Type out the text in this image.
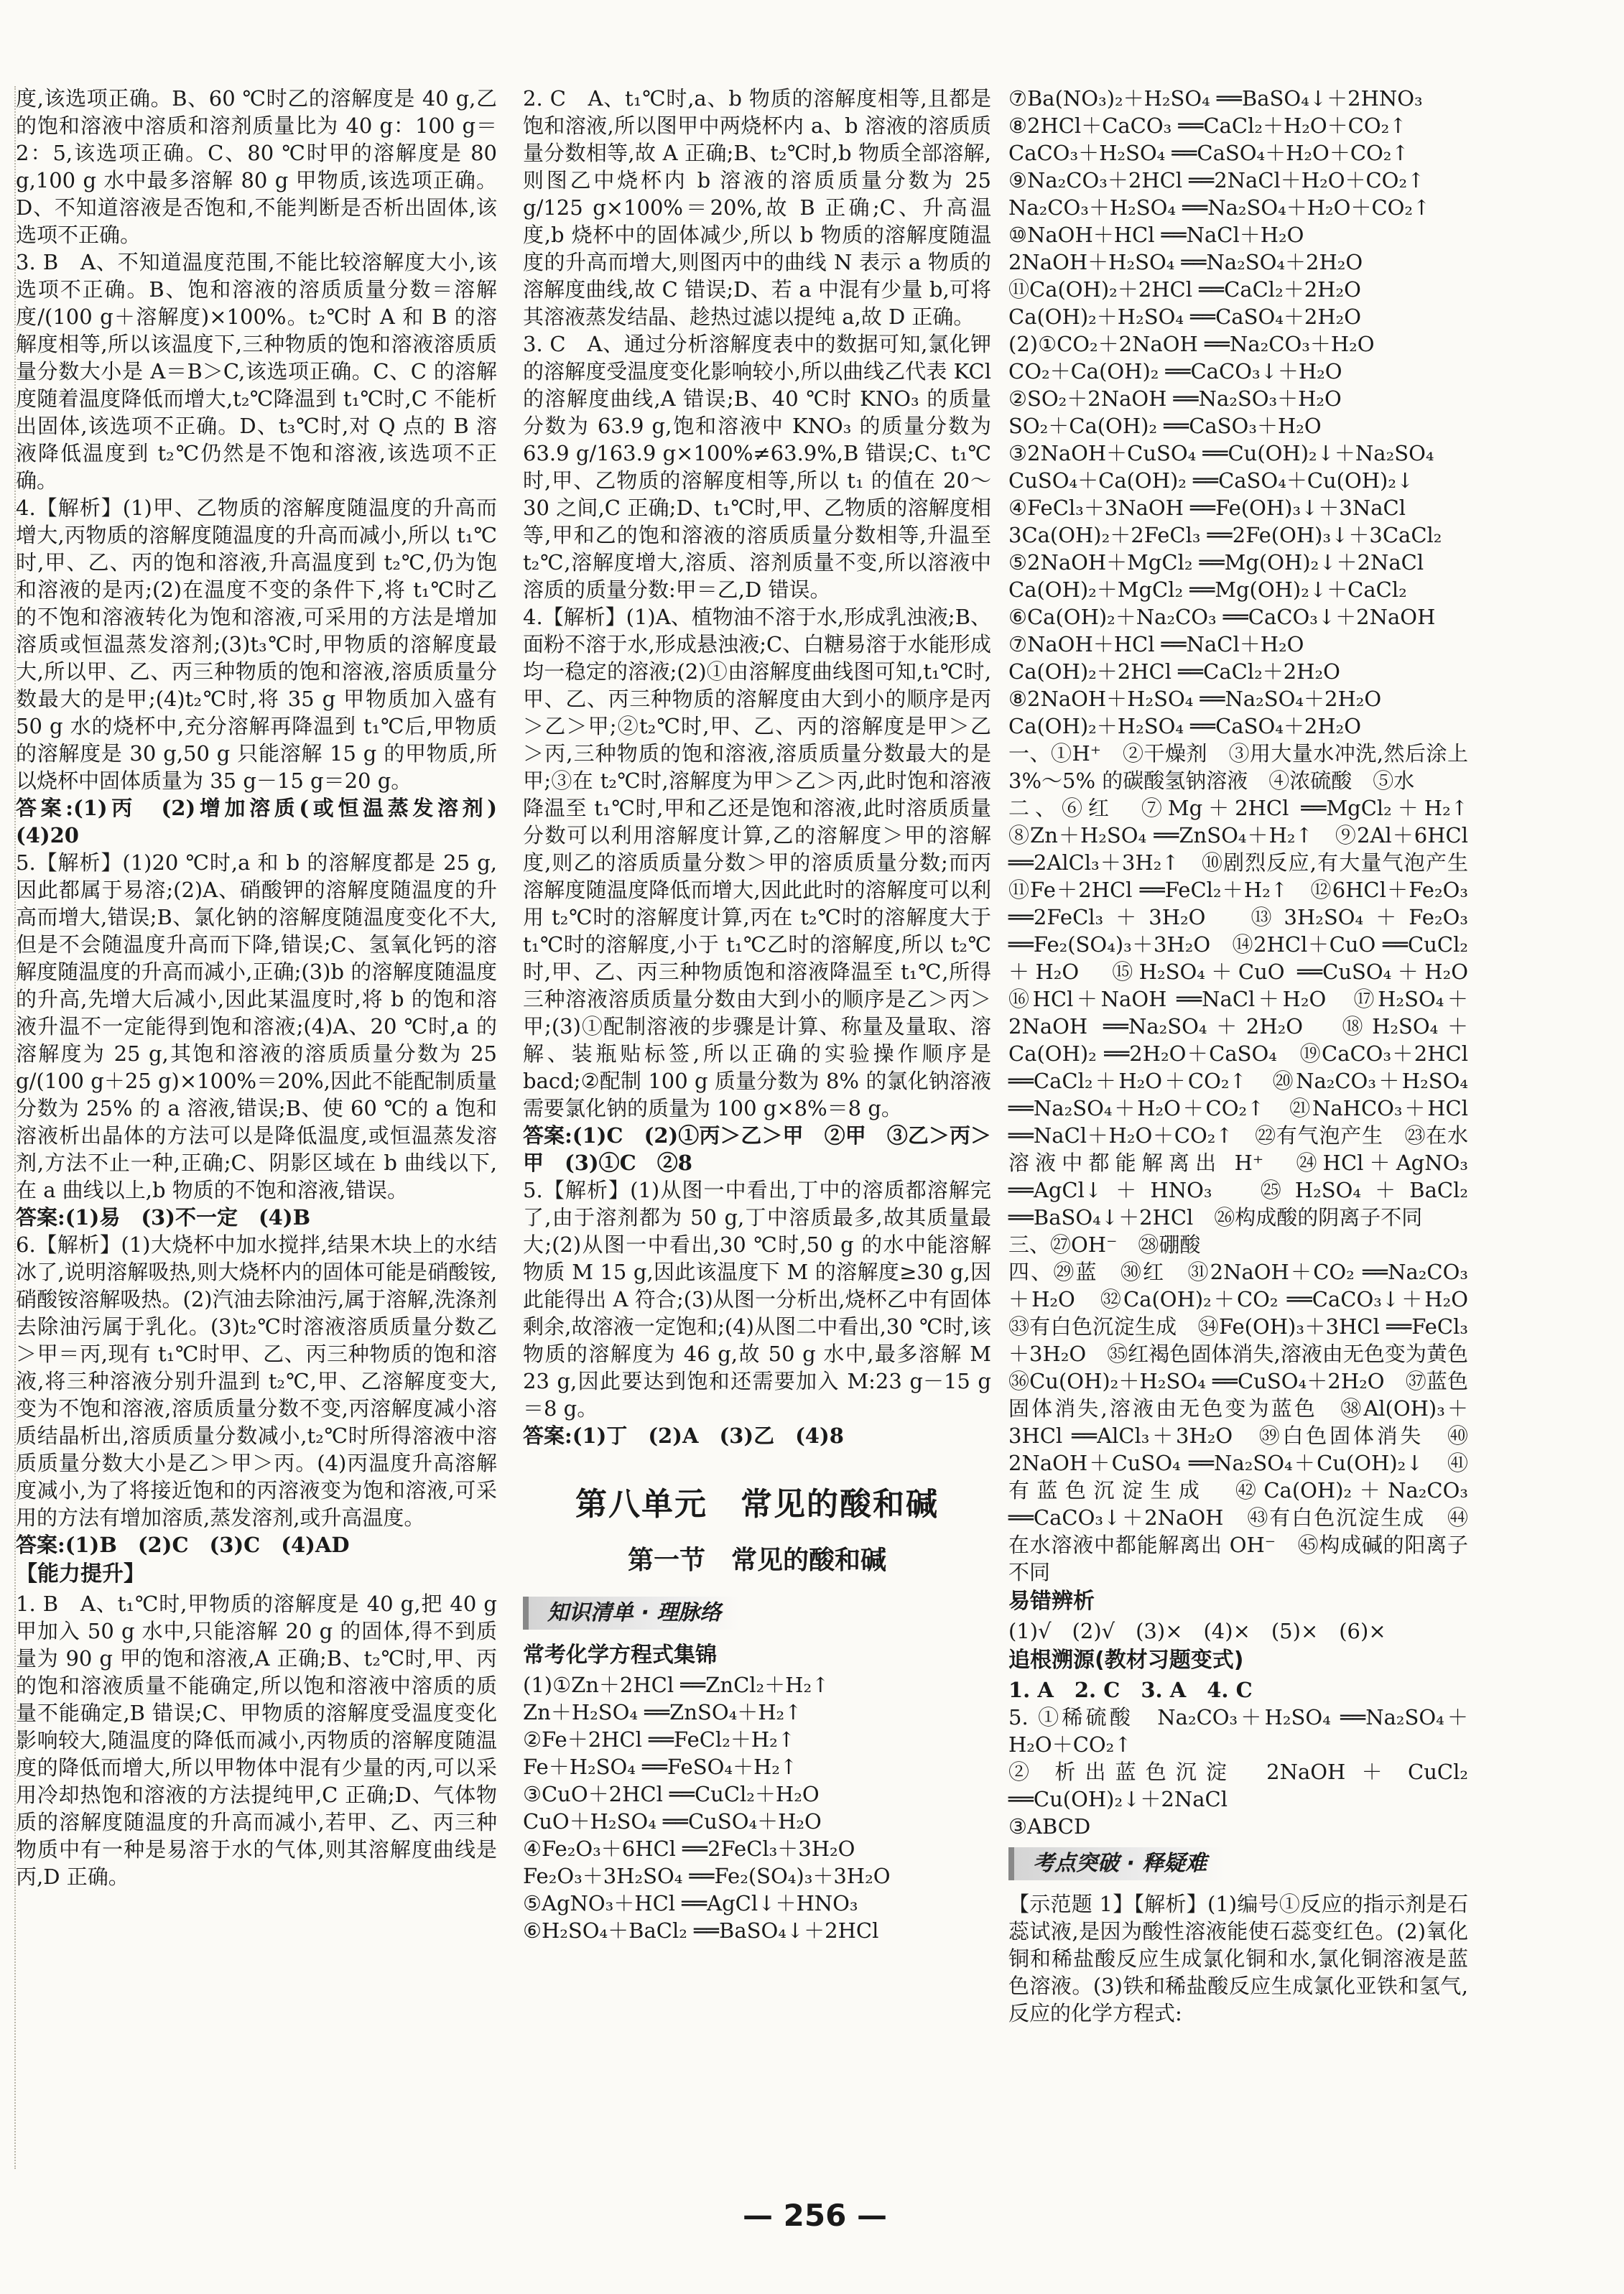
度,该选项正确。B、60 ℃时乙的溶解度是 40 g,乙的饱和溶液中溶质和溶剂质量比为 40 g：100 g＝2：5,该选项正确。C、80 ℃时甲的溶解度是 80 g,100 g 水中最多溶解 80 g 甲物质,该选项正确。D、不知道溶液是否饱和,不能判断是否析出固体,该选项不正确。

3. B　A、不知道温度范围,不能比较溶解度大小,该选项不正确。B、饱和溶液的溶质质量分数＝溶解度/(100 g＋溶解度)×100%。t₂℃时 A 和 B 的溶解度相等,所以该温度下,三种物质的饱和溶液溶质质量分数大小是 A＝B＞C,该选项正确。C、C 的溶解度随着温度降低而增大,t₂℃降温到 t₁℃时,C 不能析出固体,该选项不正确。D、t₃℃时,对 Q 点的 B 溶液降低温度到 t₂℃仍然是不饱和溶液,该选项不正确。

4.【解析】(1)甲、乙物质的溶解度随温度的升高而增大,丙物质的溶解度随温度的升高而减小,所以 t₁℃时,甲、乙、丙的饱和溶液,升高温度到 t₂℃,仍为饱和溶液的是丙;(2)在温度不变的条件下,将 t₁℃时乙的不饱和溶液转化为饱和溶液,可采用的方法是增加溶质或恒温蒸发溶剂;(3)t₃℃时,甲物质的溶解度最大,所以甲、乙、丙三种物质的饱和溶液,溶质质量分数最大的是甲;(4)t₂℃时,将 35 g 甲物质加入盛有 50 g 水的烧杯中,充分溶解再降温到 t₁℃后,甲物质的溶解度是 30 g,50 g 只能溶解 15 g 的甲物质,所以烧杯中固体质量为 35 g－15 g＝20 g。

答案:(1)丙　(2)增加溶质(或恒温蒸发溶剂)　(4)20

5.【解析】(1)20 ℃时,a 和 b 的溶解度都是 25 g,因此都属于易溶;(2)A、硝酸钾的溶解度随温度的升高而增大,错误;B、氯化钠的溶解度随温度变化不大,但是不会随温度升高而下降,错误;C、氢氧化钙的溶解度随温度的升高而减小,正确;(3)b 的溶解度随温度的升高,先增大后减小,因此某温度时,将 b 的饱和溶液升温不一定能得到饱和溶液;(4)A、20 ℃时,a 的溶解度为 25 g,其饱和溶液的溶质质量分数为 25 g/(100 g＋25 g)×100%＝20%,因此不能配制质量分数为 25% 的 a 溶液,错误;B、使 60 ℃的 a 饱和溶液析出晶体的方法可以是降低温度,或恒温蒸发溶剂,方法不止一种,正确;C、阴影区域在 b 曲线以下,在 a 曲线以上,b 物质的不饱和溶液,错误。

答案:(1)易　(3)不一定　(4)B

6.【解析】(1)大烧杯中加水搅拌,结果木块上的水结冰了,说明溶解吸热,则大烧杯内的固体可能是硝酸铵,硝酸铵溶解吸热。(2)汽油去除油污,属于溶解,洗涤剂去除油污属于乳化。(3)t₂℃时溶液溶质质量分数乙＞甲＝丙,现有 t₁℃时甲、乙、丙三种物质的饱和溶液,将三种溶液分别升温到 t₂℃,甲、乙溶解度变大,变为不饱和溶液,溶质质量分数不变,丙溶解度减小溶质结晶析出,溶质质量分数减小,t₂℃时所得溶液中溶质质量分数大小是乙＞甲＞丙。(4)丙温度升高溶解度减小,为了将接近饱和的丙溶液变为饱和溶液,可采用的方法有增加溶质,蒸发溶剂,或升高温度。

答案:(1)B　(2)C　(3)C　(4)AD

【能力提升】

1. B　A、t₁℃时,甲物质的溶解度是 40 g,把 40 g 甲加入 50 g 水中,只能溶解 20 g 的固体,得不到质量为 90 g 甲的饱和溶液,A 正确;B、t₂℃时,甲、丙的饱和溶液质量不能确定,所以饱和溶液中溶质的质量不能确定,B 错误;C、甲物质的溶解度受温度变化影响较大,随温度的降低而减小,丙物质的溶解度随温度的降低而增大,所以甲物体中混有少量的丙,可以采用冷却热饱和溶液的方法提纯甲,C 正确;D、气体物质的溶解度随温度的升高而减小,若甲、乙、丙三种物质中有一种是易溶于水的气体,则其溶解度曲线是丙,D 正确。

2. C　A、t₁℃时,a、b 物质的溶解度相等,且都是饱和溶液,所以图甲中两烧杯内 a、b 溶液的溶质质量分数相等,故 A 正确;B、t₂℃时,b 物质全部溶解,则图乙中烧杯内 b 溶液的溶质质量分数为 25 g/125 g×100%＝20%,故 B 正确;C、升高温度,b 烧杯中的固体减少,所以 b 物质的溶解度随温度的升高而增大,则图丙中的曲线 N 表示 a 物质的溶解度曲线,故 C 错误;D、若 a 中混有少量 b,可将其溶液蒸发结晶、趁热过滤以提纯 a,故 D 正确。

3. C　A、通过分析溶解度表中的数据可知,氯化钾的溶解度受温度变化影响较小,所以曲线乙代表 KCl 的溶解度曲线,A 错误;B、40 ℃时 KNO₃ 的质量分数为 63.9 g,饱和溶液中 KNO₃ 的质量分数为 63.9 g/163.9 g×100%≠63.9%,B 错误;C、t₁℃时,甲、乙物质的溶解度相等,所以 t₁ 的值在 20～30 之间,C 正确;D、t₁℃时,甲、乙物质的溶解度相等,甲和乙的饱和溶液的溶质质量分数相等,升温至 t₂℃,溶解度增大,溶质、溶剂质量不变,所以溶液中溶质的质量分数:甲＝乙,D 错误。

4.【解析】(1)A、植物油不溶于水,形成乳浊液;B、面粉不溶于水,形成悬浊液;C、白糖易溶于水能形成均一稳定的溶液;(2)①由溶解度曲线图可知,t₁℃时,甲、乙、丙三种物质的溶解度由大到小的顺序是丙＞乙＞甲;②t₂℃时,甲、乙、丙的溶解度是甲＞乙＞丙,三种物质的饱和溶液,溶质质量分数最大的是甲;③在 t₂℃时,溶解度为甲＞乙＞丙,此时饱和溶液降温至 t₁℃时,甲和乙还是饱和溶液,此时溶质质量分数可以利用溶解度计算,乙的溶解度＞甲的溶解度,则乙的溶质质量分数＞甲的溶质质量分数;而丙溶解度随温度降低而增大,因此此时的溶解度可以利用 t₂℃时的溶解度计算,丙在 t₂℃时的溶解度大于 t₁℃时的溶解度,小于 t₁℃乙时的溶解度,所以 t₂℃时,甲、乙、丙三种物质饱和溶液降温至 t₁℃,所得三种溶液溶质质量分数由大到小的顺序是乙＞丙＞甲;(3)①配制溶液的步骤是计算、称量及量取、溶解、装瓶贴标签,所以正确的实验操作顺序是 bacd;②配制 100 g 质量分数为 8% 的氯化钠溶液需要氯化钠的质量为 100 g×8%＝8 g。

答案:(1)C　(2)①丙＞乙＞甲　②甲　③乙＞丙＞甲　(3)①C　②8

5.【解析】(1)从图一中看出,丁中的溶质都溶解完了,由于溶剂都为 50 g,丁中溶质最多,故其质量最大;(2)从图一中看出,30 ℃时,50 g 的水中能溶解物质 M 15 g,因此该温度下 M 的溶解度≥30 g,因此能得出 A 符合;(3)从图一分析出,烧杯乙中有固体剩余,故溶液一定饱和;(4)从图二中看出,30 ℃时,该物质的溶解度为 46 g,故 50 g 水中,最多溶解 M 23 g,因此要达到饱和还需要加入 M:23 g－15 g＝8 g。

答案:(1)丁　(2)A　(3)乙　(4)8

第八单元　常见的酸和碱
第一节　常见的酸和碱
知识清单 · 理脉络

常考化学方程式集锦

(1)①Zn＋2HCl ══ZnCl₂＋H₂↑

Zn＋H₂SO₄ ══ZnSO₄＋H₂↑

②Fe＋2HCl ══FeCl₂＋H₂↑

Fe＋H₂SO₄ ══FeSO₄＋H₂↑

③CuO＋2HCl ══CuCl₂＋H₂O

CuO＋H₂SO₄ ══CuSO₄＋H₂O

④Fe₂O₃＋6HCl ══2FeCl₃＋3H₂O

Fe₂O₃＋3H₂SO₄ ══Fe₂(SO₄)₃＋3H₂O

⑤AgNO₃＋HCl ══AgCl↓＋HNO₃

⑥H₂SO₄＋BaCl₂ ══BaSO₄↓＋2HCl

⑦Ba(NO₃)₂＋H₂SO₄ ══BaSO₄↓＋2HNO₃

⑧2HCl＋CaCO₃ ══CaCl₂＋H₂O＋CO₂↑

CaCO₃＋H₂SO₄ ══CaSO₄＋H₂O＋CO₂↑

⑨Na₂CO₃＋2HCl ══2NaCl＋H₂O＋CO₂↑

Na₂CO₃＋H₂SO₄ ══Na₂SO₄＋H₂O＋CO₂↑

⑩NaOH＋HCl ══NaCl＋H₂O

2NaOH＋H₂SO₄ ══Na₂SO₄＋2H₂O

⑪Ca(OH)₂＋2HCl ══CaCl₂＋2H₂O

Ca(OH)₂＋H₂SO₄ ══CaSO₄＋2H₂O

(2)①CO₂＋2NaOH ══Na₂CO₃＋H₂O

CO₂＋Ca(OH)₂ ══CaCO₃↓＋H₂O

②SO₂＋2NaOH ══Na₂SO₃＋H₂O

SO₂＋Ca(OH)₂ ══CaSO₃＋H₂O

③2NaOH＋CuSO₄ ══Cu(OH)₂↓＋Na₂SO₄

CuSO₄＋Ca(OH)₂ ══CaSO₄＋Cu(OH)₂↓

④FeCl₃＋3NaOH ══Fe(OH)₃↓＋3NaCl

3Ca(OH)₂＋2FeCl₃ ══2Fe(OH)₃↓＋3CaCl₂

⑤2NaOH＋MgCl₂ ══Mg(OH)₂↓＋2NaCl

Ca(OH)₂＋MgCl₂ ══Mg(OH)₂↓＋CaCl₂

⑥Ca(OH)₂＋Na₂CO₃ ══CaCO₃↓＋2NaOH

⑦NaOH＋HCl ══NaCl＋H₂O

Ca(OH)₂＋2HCl ══CaCl₂＋2H₂O

⑧2NaOH＋H₂SO₄ ══Na₂SO₄＋2H₂O

Ca(OH)₂＋H₂SO₄ ══CaSO₄＋2H₂O

一、①H⁺　②干燥剂　③用大量水冲洗,然后涂上 3%～5% 的碳酸氢钠溶液　④浓硫酸　⑤水

二、⑥红　⑦Mg＋2HCl ══MgCl₂＋H₂↑　⑧Zn＋H₂SO₄ ══ZnSO₄＋H₂↑　⑨2Al＋6HCl ══2AlCl₃＋3H₂↑　⑩剧烈反应,有大量气泡产生　⑪Fe＋2HCl ══FeCl₂＋H₂↑　⑫6HCl＋Fe₂O₃ ══2FeCl₃＋3H₂O　⑬3H₂SO₄＋Fe₂O₃ ══Fe₂(SO₄)₃＋3H₂O　⑭2HCl＋CuO ══CuCl₂＋H₂O　⑮H₂SO₄＋CuO ══CuSO₄＋H₂O　⑯HCl＋NaOH ══NaCl＋H₂O　⑰H₂SO₄＋2NaOH ══Na₂SO₄＋2H₂O　⑱H₂SO₄＋Ca(OH)₂ ══2H₂O＋CaSO₄　⑲CaCO₃＋2HCl ══CaCl₂＋H₂O＋CO₂↑　⑳Na₂CO₃＋H₂SO₄ ══Na₂SO₄＋H₂O＋CO₂↑　㉑NaHCO₃＋HCl ══NaCl＋H₂O＋CO₂↑　㉒有气泡产生　㉓在水溶液中都能解离出 H⁺　㉔HCl＋AgNO₃ ══AgCl↓＋HNO₃　㉕H₂SO₄＋BaCl₂ ══BaSO₄↓＋2HCl　㉖构成酸的阴离子不同

三、㉗OH⁻　㉘硼酸

四、㉙蓝　㉚红　㉛2NaOH＋CO₂ ══Na₂CO₃＋H₂O　㉜Ca(OH)₂＋CO₂ ══CaCO₃↓＋H₂O　㉝有白色沉淀生成　㉞Fe(OH)₃＋3HCl ══FeCl₃＋3H₂O　㉟红褐色固体消失,溶液由无色变为黄色　㊱Cu(OH)₂＋H₂SO₄ ══CuSO₄＋2H₂O　㊲蓝色固体消失,溶液由无色变为蓝色　㊳Al(OH)₃＋3HCl ══AlCl₃＋3H₂O　㊴白色固体消失　㊵2NaOH＋CuSO₄ ══Na₂SO₄＋Cu(OH)₂↓　㊶有蓝色沉淀生成　㊷Ca(OH)₂＋Na₂CO₃ ══CaCO₃↓＋2NaOH　㊸有白色沉淀生成　㊹在水溶液中都能解离出 OH⁻　㊺构成碱的阳离子不同

易错辨析

(1)√　(2)√　(3)×　(4)×　(5)×　(6)×

追根溯源(教材习题变式)

1. A　2. C　3. A　4. C

5. ①稀硫酸　Na₂CO₃＋H₂SO₄ ══Na₂SO₄＋H₂O＋CO₂↑

② 析出蓝色沉淀　2NaOH ＋ CuCl₂ ══Cu(OH)₂↓＋2NaCl

③ABCD

考点突破 · 释疑难

【示范题 1】【解析】(1)编号①反应的指示剂是石蕊试液,是因为酸性溶液能使石蕊变红色。(2)氧化铜和稀盐酸反应生成氯化铜和水,氯化铜溶液是蓝色溶液。(3)铁和稀盐酸反应生成氯化亚铁和氢气,反应的化学方程式:

— 256 —
